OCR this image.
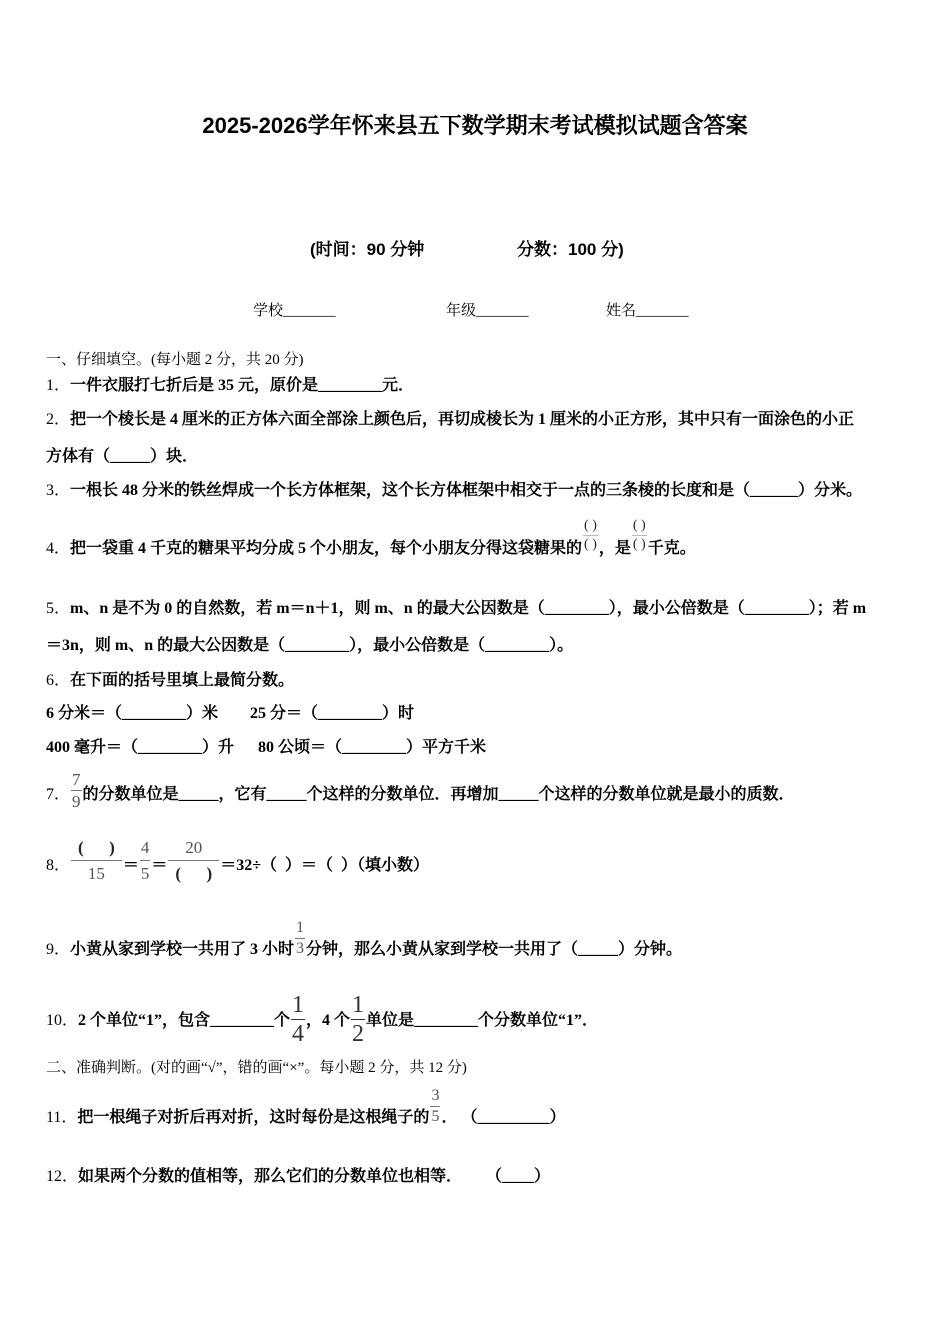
2025-2026学年怀来县五下数学期末考试模拟试题含答案
(时间：90 分钟	分数：100 分)
学校_______	年级_______	姓名_______
一、仔细填空。(每小题 2 分，共 20 分)
1．一件衣服打七折后是 35 元，原价是________元．
2．把一个棱长是 4 厘米的正方体六面全部涂上颜色后，再切成棱长为 1 厘米的小正方形，其中只有一面涂色的小正
方体有（_____）块．
3．一根长 48 分米的铁丝焊成一个长方体框架，这个长方体框架中相交于一点的三条棱的长度和是（______）分米。
4．把一袋重 4 千克的糖果平均分成 5 个小朋友，每个小朋友分得这袋糖果的 $\frac{( )}{( )}$ ，是 $\frac{( )}{( )}$ 千克。
5．m、n 是不为 0 的自然数，若 m＝n＋1，则 m、n 的最大公因数是（________），最小公倍数是（________）；若 m
＝3n，则 m、n 的最大公因数是（________），最小公倍数是（________）。
6．在下面的括号里填上最简分数。
6 分米＝（________）米 25 分＝（________）时
400 毫升＝（________）升 80 公顷＝（________）平方千米
7． $\frac{7}{9}$ 的分数单位是_____，它有_____个这样的分数单位．再增加_____个这样的分数单位就是最小的质数．
8． $\frac{( )}{15} = \frac{4}{5} = \frac{20}{( )} =32\div$（  ）＝（  ）（填小数）
9．小黄从家到学校一共用了 3 小时 $\frac{1}{3}$ 分钟，那么小黄从家到学校一共用了（_____）分钟。
10．2 个单位“1”，包含________个 $\frac{1}{4}$ ，4 个 $\frac{1}{2}$ 单位是________个分数单位“1”．
二、准确判断。(对的画“√”，错的画“×”。每小题 2 分，共 12 分)
11．把一根绳子对折后再对折，这时每份是这根绳子的 $\frac{3}{5}$ ． （_________）
12．如果两个分数的值相等，那么它们的分数单位也相等． （____）
